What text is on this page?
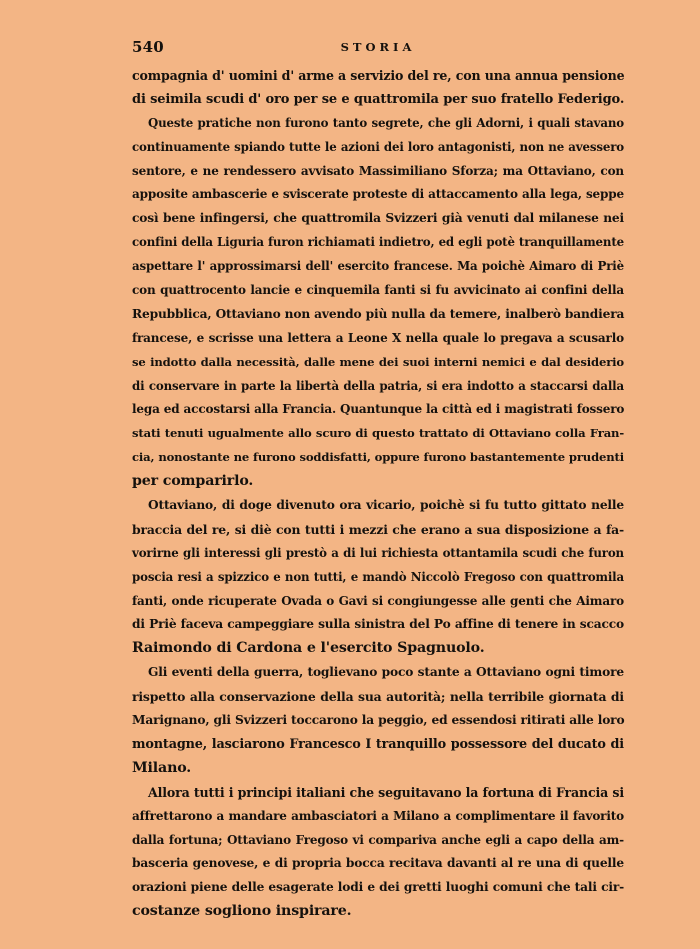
540	STORIA
compagnia d' uomini d' arme a servizio del re, con una annua pensione
di seimila scudi d' oro per se e quattromila per suo fratello Federigo.
Queste pratiche non furono tanto segrete, che gli Adorni, i quali stavano
continuamente spiando tutte le azioni dei loro antagonisti, non ne avessero
sentore, e ne rendessero avvisato Massimiliano Sforza; ma Ottaviano, con
apposite ambascerie e sviscerate proteste di attaccamento alla lega, seppe
così bene infingersi, che quattromila Svizzeri già venuti dal milanese nei
confini della Liguria furon richiamati indietro, ed egli potè tranquillamente
aspettare l' approssimarsi dell' esercito francese. Ma poichè Aimaro di Priè
con quattrocento lancie e cinquemila fanti si fu avvicinato ai confini della
Repubblica, Ottaviano non avendo più nulla da temere, inalberò bandiera
francese, e scrisse una lettera a Leone X nella quale lo pregava a scusarlo
se indotto dalla necessità, dalle mene dei suoi interni nemici e dal desiderio
di conservare in parte la libertà della patria, si era indotto a staccarsi dalla
lega ed accostarsi alla Francia. Quantunque la città ed i magistrati fossero
stati tenuti ugualmente allo scuro di questo trattato di Ottaviano colla Fran-
cia, nonostante ne furono soddisfatti, oppure furono bastantemente prudenti
per comparirlo.
Ottaviano, di doge divenuto ora vicario, poichè si fu tutto gittato nelle
braccia del re, si diè con tutti i mezzi che erano a sua disposizione a fa-
vorirne gli interessi gli prestò a di lui richiesta ottantamila scudi che furon
poscia resi a spizzico e non tutti, e mandò Niccolò Fregoso con quattromila
fanti, onde ricuperate Ovada o Gavi si congiungesse alle genti che Aimaro
di Priè faceva campeggiare sulla sinistra del Po affine di tenere in scacco
Raimondo di Cardona e l'esercito Spagnuolo.
Gli eventi della guerra, toglievano poco stante a Ottaviano ogni timore
rispetto alla conservazione della sua autorità; nella terribile giornata di
Marignano, gli Svizzeri toccarono la peggio, ed essendosi ritirati alle loro
montagne, lasciarono Francesco I tranquillo possessore del ducato di
Milano.
Allora tutti i principi italiani che seguitavano la fortuna di Francia si
affrettarono a mandare ambasciatori a Milano a complimentare il favorito
dalla fortuna; Ottaviano Fregoso vi compariva anche egli a capo della am-
basceria genovese, e di propria bocca recitava davanti al re una di quelle
orazioni piene delle esagerate lodi e dei gretti luoghi comuni che tali cir-
costanze sogliono inspirare.
